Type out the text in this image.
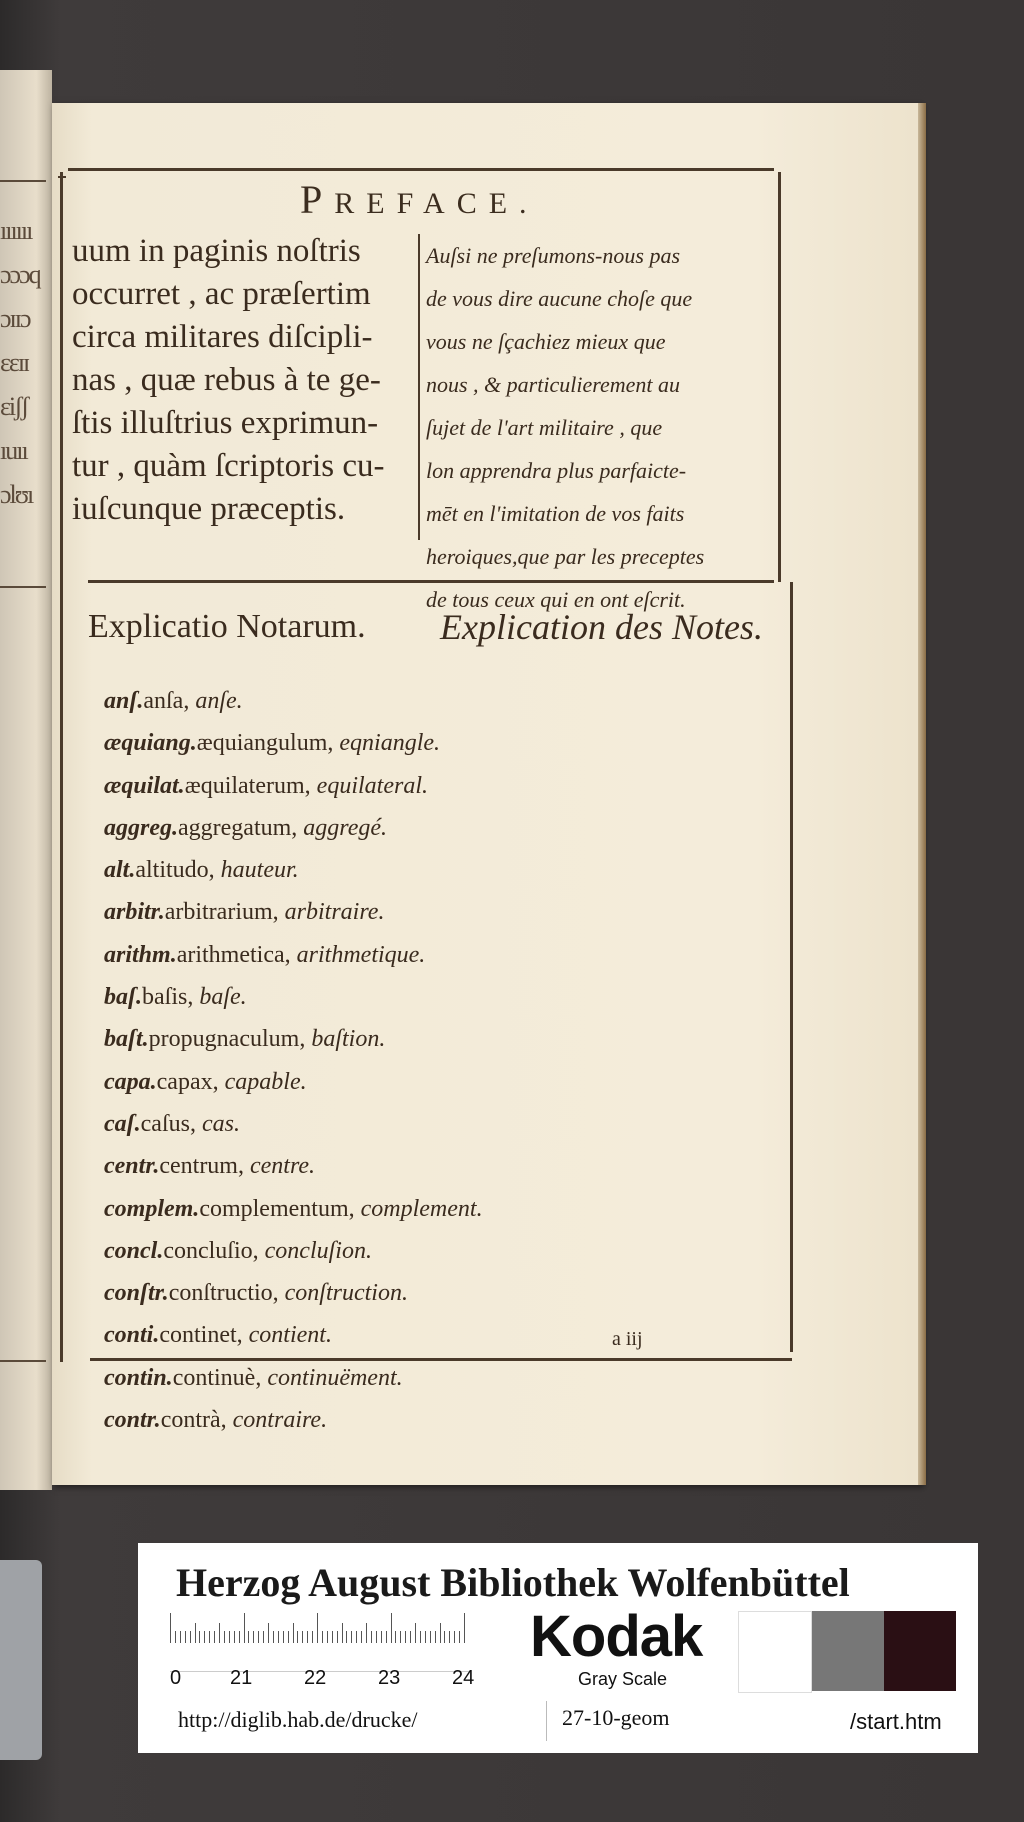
ıııııı
ɔɔɔq
ɔɪɪɔ
ɛɛɪɪ
ɛiʃʃ
ıuıı
ɔlʊı
PREFACE.
uum in paginis noſtris
occurret , ac præſertim
circa militares diſcipli-
nas , quæ rebus à te ge-
ſtis illuſtrius exprimun-
tur , quàm ſcriptoris cu-
iuſcunque præceptis.
Auſsi ne preſumons-nous pas
de vous dire aucune choſe que
vous ne ſçachiez mieux que
nous , & particulierement au
ſujet de l'art militaire , que
lon apprendra plus parfaicte-
mēt en l'imitation de vos faits
heroiques,que par les preceptes
de tous ceux qui en ont eſcrit.
Explicatio Notarum. Explication des Notes.
anſ.anſa, anſe.
æquiang.æquiangulum, eqniangle.
æquilat.æquilaterum, equilateral.
aggreg.aggregatum, aggregé.
alt.altitudo, hauteur.
arbitr.arbitrarium, arbitraire.
arithm.arithmetica, arithmetique.
baſ.baſis, baſe.
baſt.propugnaculum, baſtion.
capa.capax, capable.
caſ.caſus, cas.
centr.centrum, centre.
complem.complementum, complement.
concl.concluſio, concluſion.
conſtr.conſtructio, conſtruction.
conti.continet, contient.
contin.continuè, continuëment.
contr.contrà, contraire.
a iij
Herzog August Bibliothek Wolfenbüttel
0 21	22	23	24
Kodak
Gray Scale
http://diglib.hab.de/drucke/	27-10-geom	/start.htm
